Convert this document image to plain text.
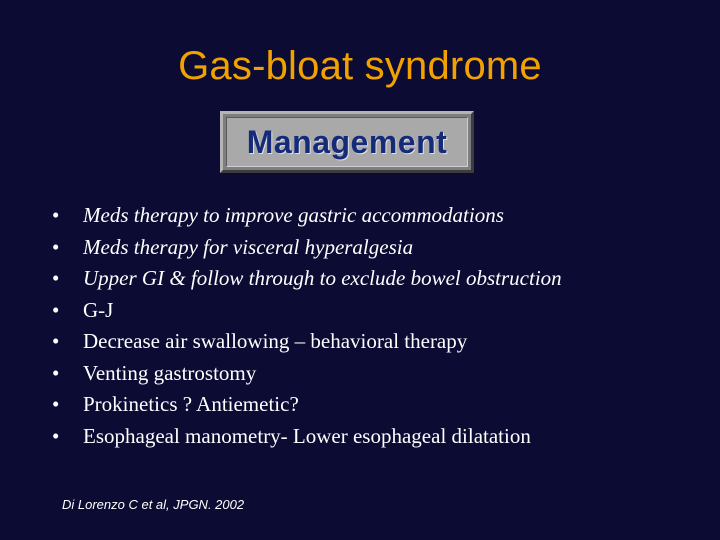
Gas-bloat syndrome
Management
•	Meds therapy to improve gastric accommodations
•	Meds therapy for visceral hyperalgesia
•	Upper GI & follow through to exclude bowel obstruction
•	G-J
•	Decrease air swallowing – behavioral therapy
•	Venting gastrostomy
•	Prokinetics ? Antiemetic?
•	Esophageal manometry- Lower esophageal dilatation
Di Lorenzo C et al, JPGN. 2002
